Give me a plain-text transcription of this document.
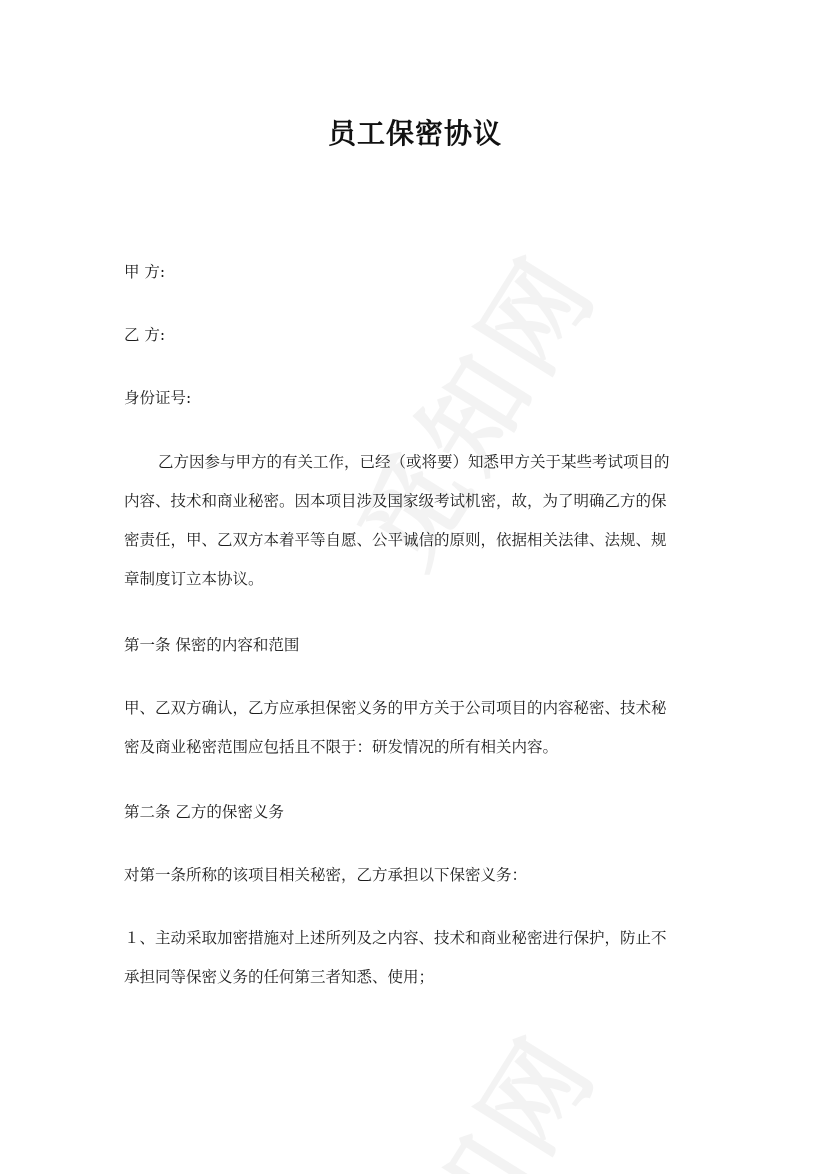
员工保密协议
甲 方:
乙 方:
身份证号:
乙方因参与甲方的有关工作，已经（或将要）知悉甲方关于某些考试项目的
内容、技术和商业秘密。因本项目涉及国家级考试机密，故，为了明确乙方的保
密责任，甲、乙双方本着平等自愿、公平诚信的原则，依据相关法律、法规、规
章制度订立本协议。
第一条 保密的内容和范围
甲、乙双方确认，乙方应承担保密义务的甲方关于公司项目的内容秘密、技术秘
密及商业秘密范围应包括且不限于：研发情况的所有相关内容。
第二条 乙方的保密义务
对第一条所称的该项目相关秘密，乙方承担以下保密义务：
１、主动采取加密措施对上述所列及之内容、技术和商业秘密进行保护，防止不
承担同等保密义务的任何第三者知悉、使用；
